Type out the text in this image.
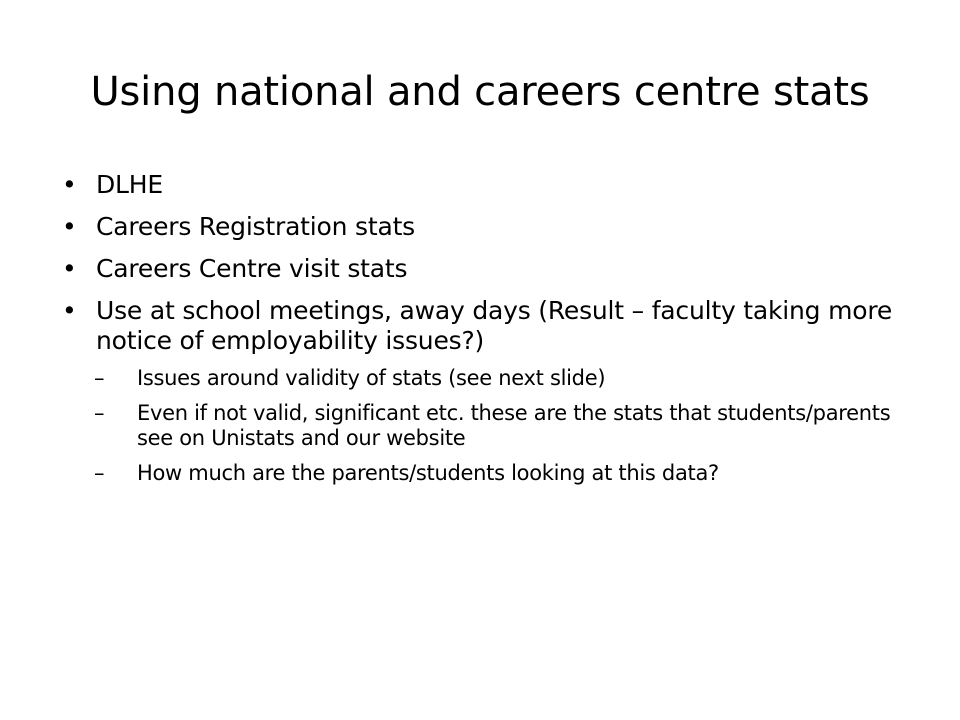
Using national and careers centre stats
• DLHE
• Careers Registration stats
• Careers Centre visit stats
• Use at school meetings, away days (Result – faculty taking more notice of employability issues?)
–	Issues around validity of stats (see next slide)
–	Even if not valid, significant etc. these are the stats that students/parents see on Unistats and our website
–	How much are the parents/students looking at this data?
